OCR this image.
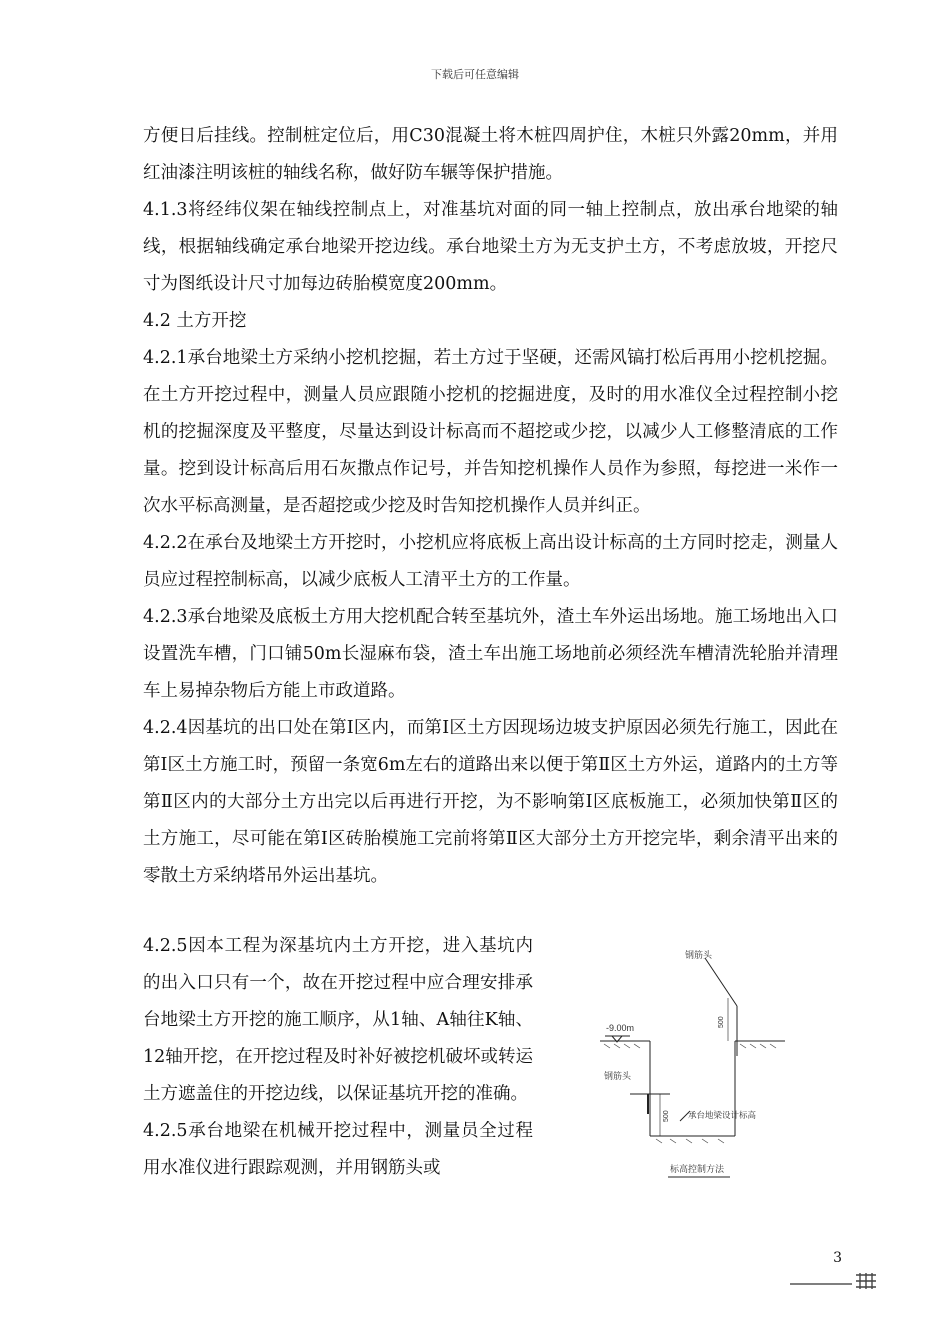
下载后可任意编辑

方便日后挂线。控制桩定位后，用C30混凝土将木桩四周护住，木桩只外露20mm，并用红油漆注明该桩的轴线名称，做好防车辗等保护措施。

4.1.3将经纬仪架在轴线控制点上，对准基坑对面的同一轴上控制点，放出承台地梁的轴线，根据轴线确定承台地梁开挖边线。承台地梁土方为无支护土方，不考虑放坡，开挖尺寸为图纸设计尺寸加每边砖胎模宽度200mm。

4.2 土方开挖

4.2.1承台地梁土方采纳小挖机挖掘，若土方过于坚硬，还需风镐打松后再用小挖机挖掘。在土方开挖过程中，测量人员应跟随小挖机的挖掘进度，及时的用水准仪全过程控制小挖机的挖掘深度及平整度，尽量达到设计标高而不超挖或少挖，以减少人工修整清底的工作量。挖到设计标高后用石灰撒点作记号，并告知挖机操作人员作为参照，每挖进一米作一次水平标高测量，是否超挖或少挖及时告知挖机操作人员并纠正。

4.2.2在承台及地梁土方开挖时，小挖机应将底板上高出设计标高的土方同时挖走，测量人员应过程控制标高，以减少底板人工清平土方的工作量。

4.2.3承台地梁及底板土方用大挖机配合转至基坑外，渣土车外运出场地。施工场地出入口设置洗车槽，门口铺50m长湿麻布袋，渣土车出施工场地前必须经洗车槽清洗轮胎并清理车上易掉杂物后方能上市政道路。

4.2.4因基坑的出口处在第Ⅰ区内，而第Ⅰ区土方因现场边坡支护原因必须先行施工，因此在第Ⅰ区土方施工时，预留一条宽6m左右的道路出来以便于第Ⅱ区土方外运，道路内的土方等第Ⅱ区内的大部分土方出完以后再进行开挖，为不影响第Ⅰ区底板施工，必须加快第Ⅱ区的土方施工，尽可能在第Ⅰ区砖胎模施工完前将第Ⅱ区大部分土方开挖完毕，剩余清平出来的零散土方采纳塔吊外运出基坑。

4.2.5因本工程为深基坑内土方开挖，进入基坑内的出入口只有一个，故在开挖过程中应合理安排承台地梁土方开挖的施工顺序，从1轴、A轴往K轴、12轴开挖，在开挖过程及时补好被挖机破坏或转运土方遮盖住的开挖边线，以保证基坑开挖的准确。

4.2.5承台地梁在机械开挖过程中，测量员全过程用水准仪进行跟踪观测，并用钢筋头或

钢筋头
-9.00m	500
钢筋头
500 承台地梁设计标高
标高控制方法
3
